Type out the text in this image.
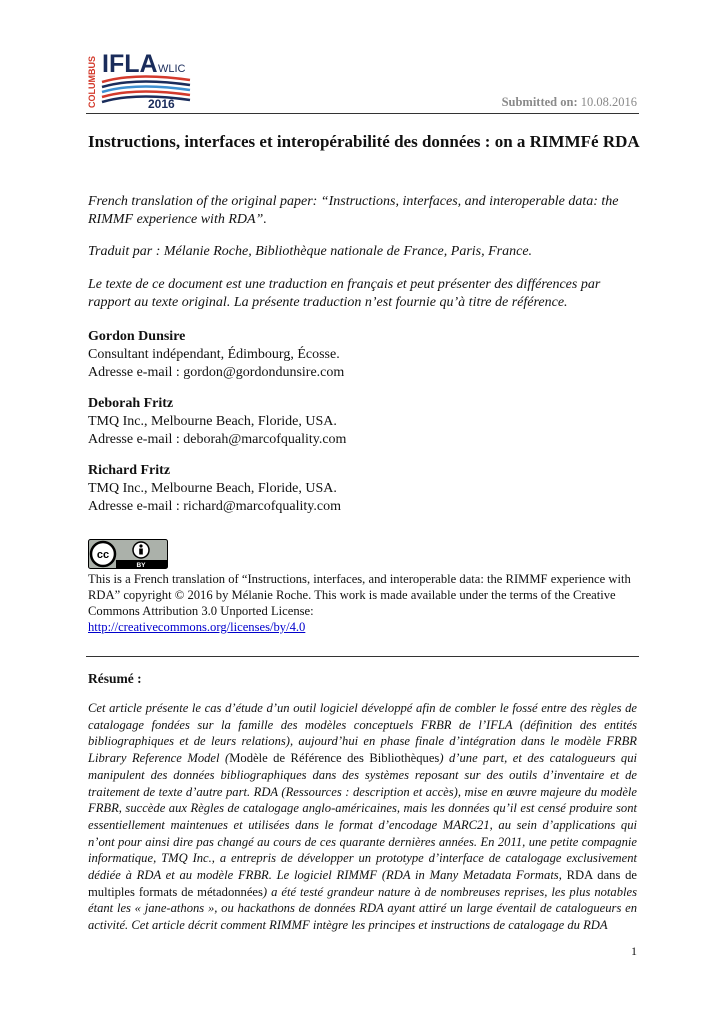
COLUMBUS IFLA WLIC
2016	Submitted on: 10.08.2016
Instructions, interfaces et interopérabilité des données : on a RIMMFé RDA

French translation of the original paper: “Instructions, interfaces, and interoperable data: the RIMMF experience with RDA”.

Traduit par : Mélanie Roche, Bibliothèque nationale de France, Paris, France.

Le texte de ce document est une traduction en français et peut présenter des différences par rapport au texte original. La présente traduction n’est fournie qu’à titre de référence.

Gordon Dunsire
Consultant indépendant, Édimbourg, Écosse.
Adresse e-mail : gordon@gordondunsire.com
Deborah Fritz
TMQ Inc., Melbourne Beach, Floride, USA.
Adresse e-mail : deborah@marcofquality.com
Richard Fritz
TMQ Inc., Melbourne Beach, Floride, USA.
Adresse e-mail : richard@marcofquality.com
cc
BY
This is a French translation of “Instructions, interfaces, and interoperable data: the RIMMF experience with RDA” copyright © 2016 by Mélanie Roche. This work is made available under the terms of the Creative Commons Attribution 3.0 Unported License:
http://creativecommons.org/licenses/by/4.0
Résumé :
Cet article présente le cas d’étude d’un outil logiciel développé afin de combler le fossé entre des règles de catalogage fondées sur la famille des modèles conceptuels FRBR de l’IFLA (définition des entités bibliographiques et de leurs relations), aujourd’hui en phase finale d’intégration dans le modèle FRBR Library Reference Model (Modèle de Référence des Bibliothèques) d’une part, et des catalogueurs qui manipulent des données bibliographiques dans des systèmes reposant sur des outils d’inventaire et de traitement de texte d’autre part. RDA (Ressources : description et accès), mise en œuvre majeure du modèle FRBR, succède aux Règles de catalogage anglo-américaines, mais les données qu’il est censé produire sont essentiellement maintenues et utilisées dans le format d’encodage MARC21, au sein d’applications qui n’ont pour ainsi dire pas changé au cours de ces quarante dernières années. En 2011, une petite compagnie informatique, TMQ Inc., a entrepris de développer un prototype d’interface de catalogage exclusivement dédiée à RDA et au modèle FRBR. Le logiciel RIMMF (RDA in Many Metadata Formats, RDA dans de multiples formats de métadonnées) a été testé grandeur nature à de nombreuses reprises, les plus notables étant les « jane-athons », ou hackathons de données RDA ayant attiré un large éventail de catalogueurs en activité. Cet article décrit comment RIMMF intègre les principes et instructions de catalogage du RDA
1
